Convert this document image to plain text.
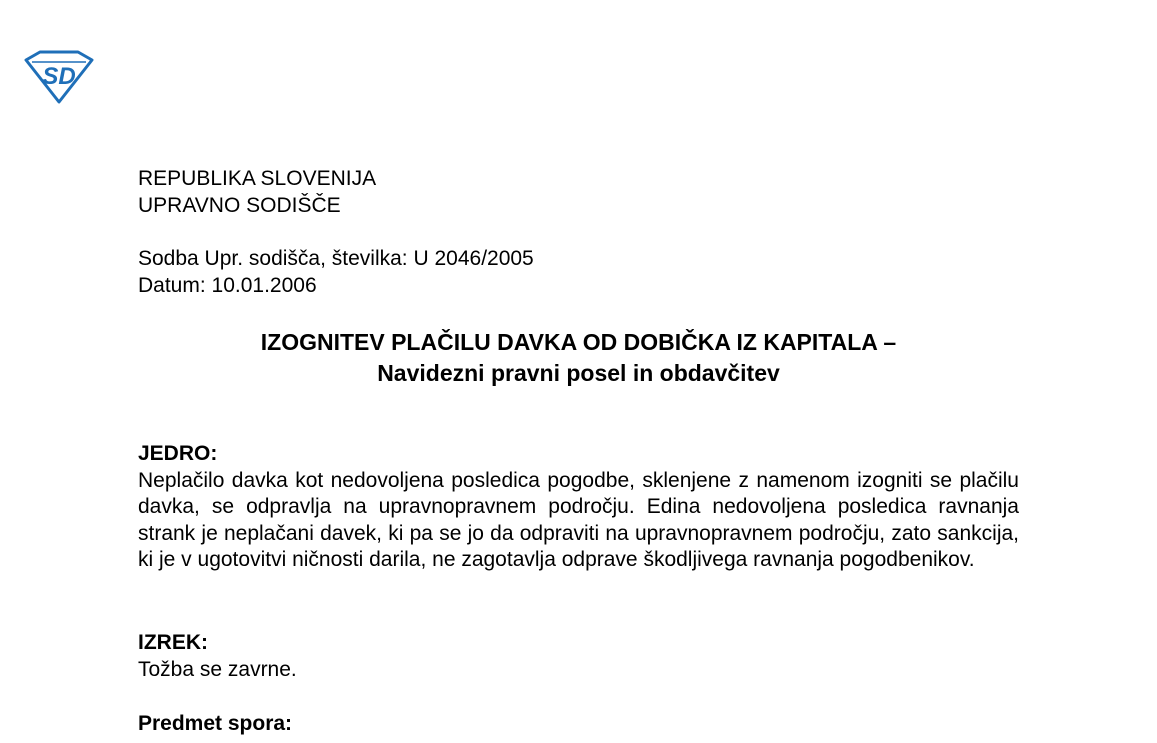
SD
REPUBLIKA SLOVENIJA
UPRAVNO SODIŠČE
Sodba Upr. sodišča, številka: U 2046/2005
Datum: 10.01.2006
IZOGNITEV PLAČILU DAVKA OD DOBIČKA IZ KAPITALA –
Navidezni pravni posel in obdavčitev

JEDRO:

Neplačilo davka kot nedovoljena posledica pogodbe, sklenjene z namenom izogniti se plačilu davka, se odpravlja na upravnopravnem področju. Edina nedovoljena posledica ravnanja strank je neplačani davek, ki pa se jo da odpraviti na upravnopravnem področju, zato sankcija, ki je v ugotovitvi ničnosti darila, ne zagotavlja odprave škodljivega ravnanja pogodbenikov.

IZREK:

Tožba se zavrne.

Predmet spora:
